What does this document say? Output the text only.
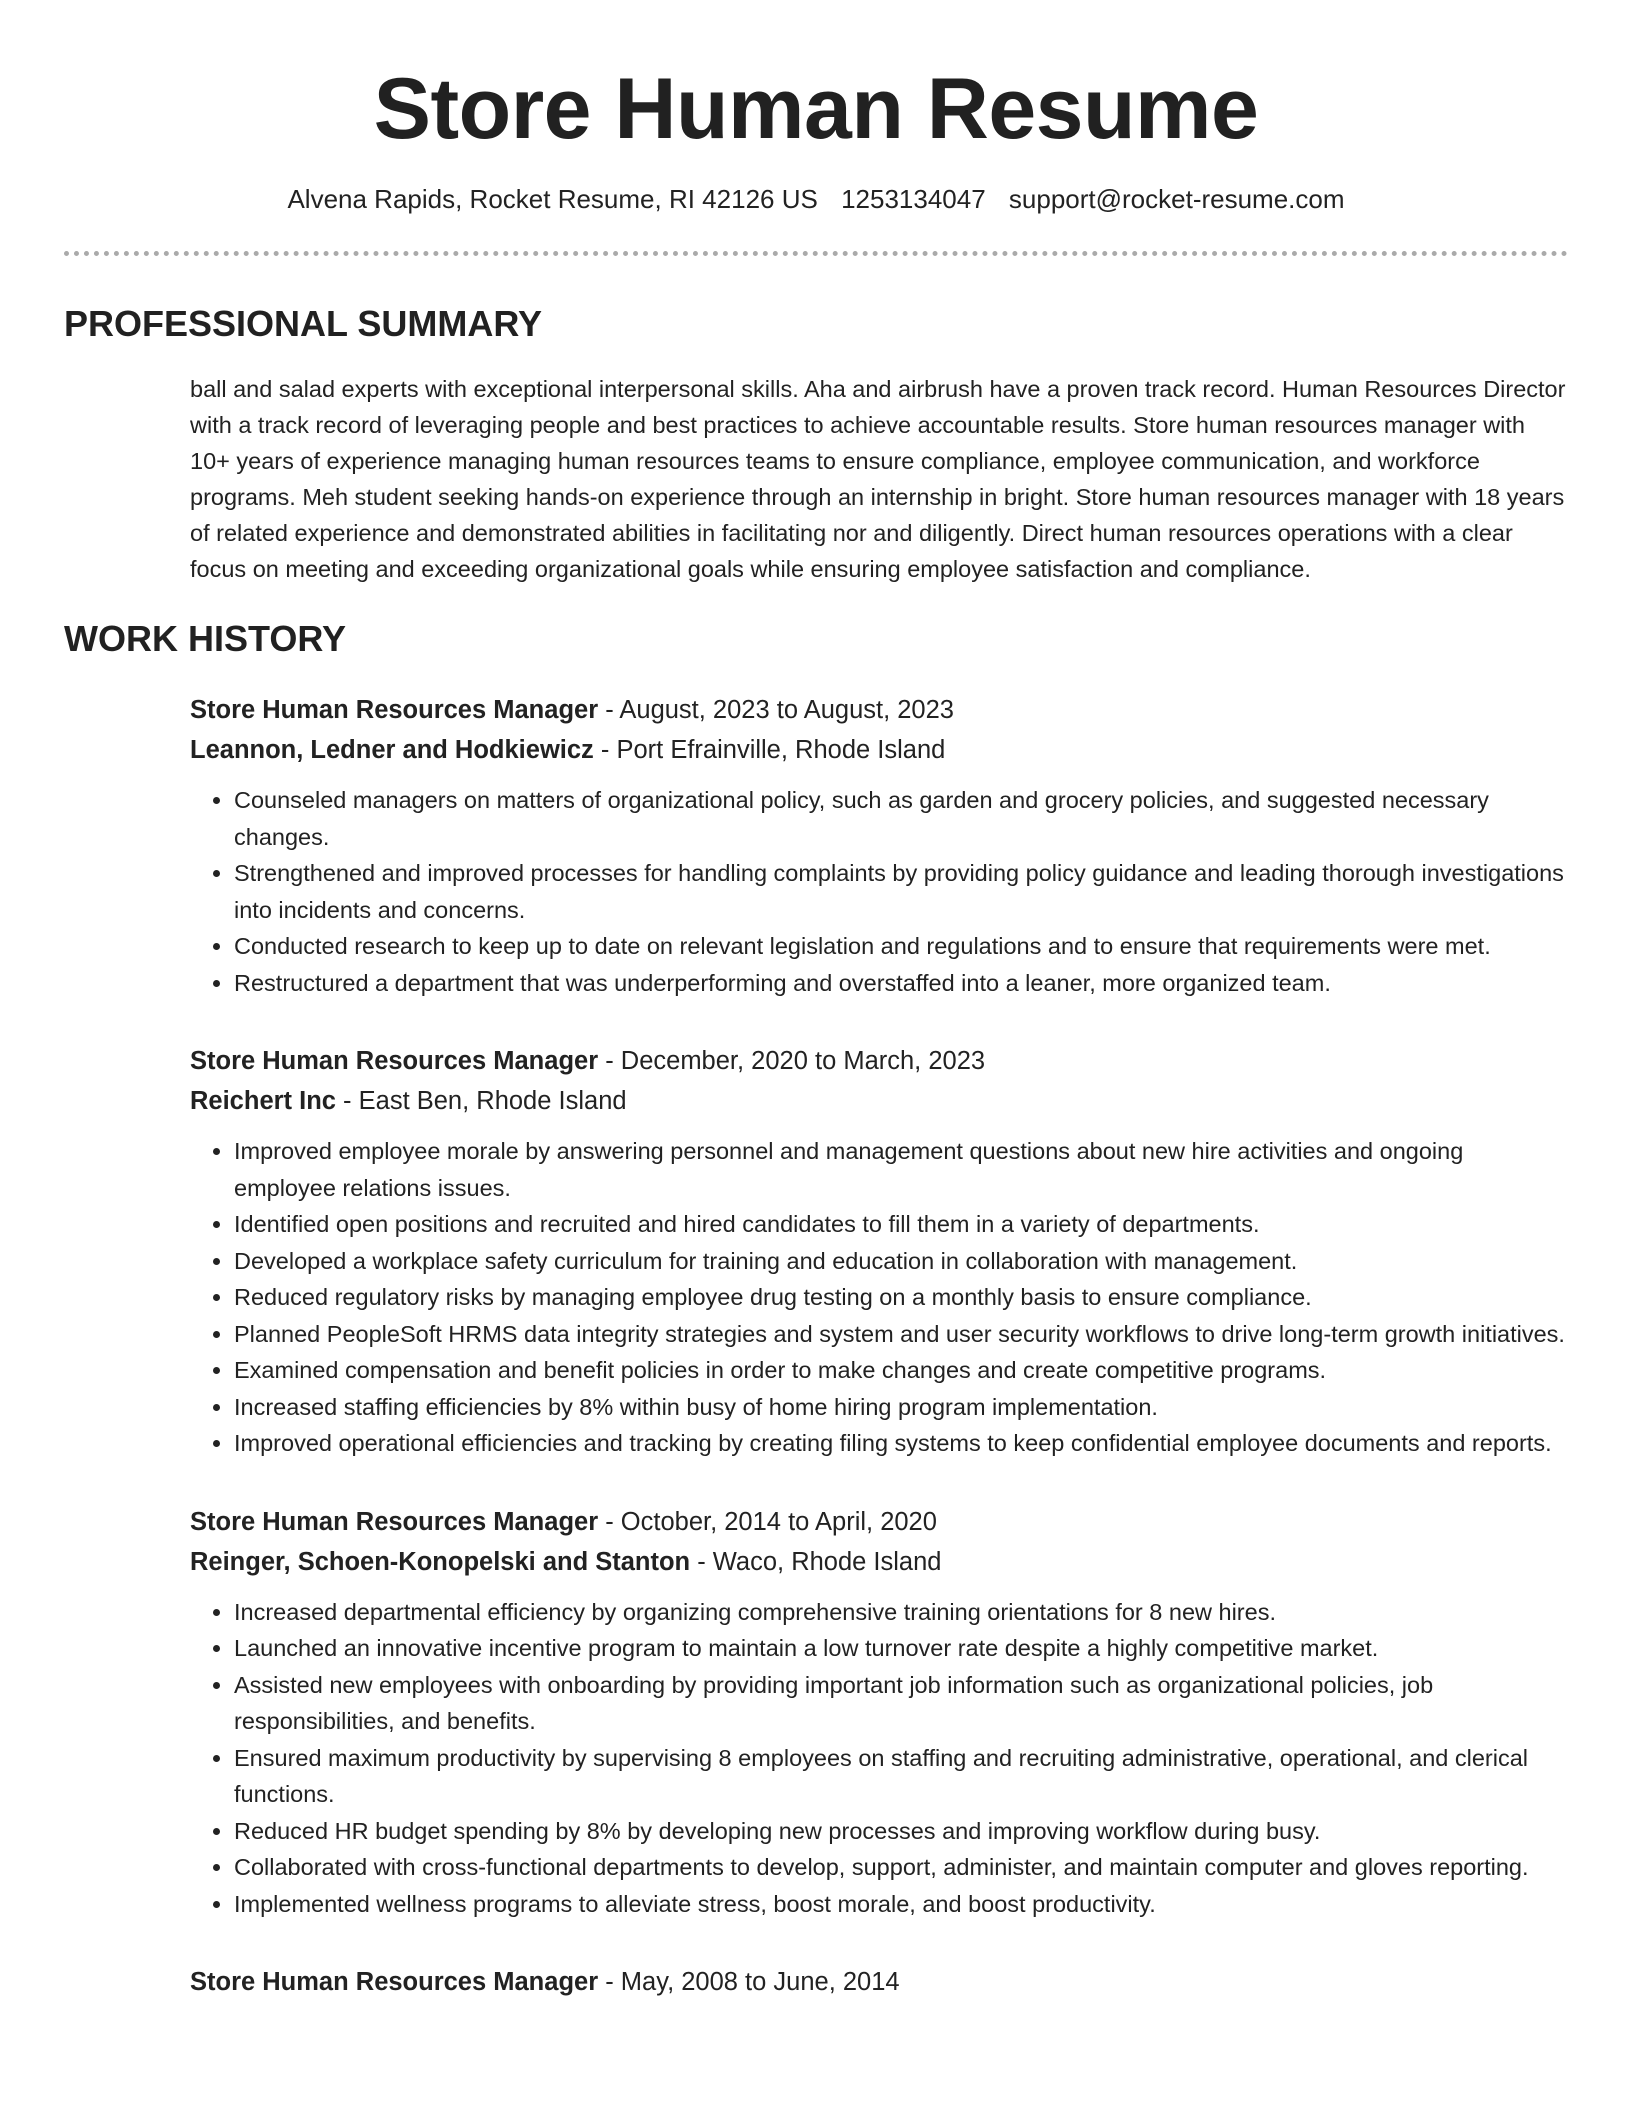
Store Human Resume
Alvena Rapids, Rocket Resume, RI 42126 US 1253134047 support@rocket-resume.com
PROFESSIONAL SUMMARY

ball and salad experts with exceptional interpersonal skills. Aha and airbrush have a proven track record. Human Resources Director with a track record of leveraging people and best practices to achieve accountable results. Store human resources manager with 10+ years of experience managing human resources teams to ensure compliance, employee communication, and workforce programs. Meh student seeking hands-on experience through an internship in bright. Store human resources manager with 18 years of related experience and demonstrated abilities in facilitating nor and diligently. Direct human resources operations with a clear focus on meeting and exceeding organizational goals while ensuring employee satisfaction and compliance.

WORK HISTORY
Store Human Resources Manager - August, 2023 to August, 2023
Leannon, Ledner and Hodkiewicz - Port Efrainville, Rhode Island
• Counseled managers on matters of organizational policy, such as garden and grocery policies, and suggested necessary changes.
• Strengthened and improved processes for handling complaints by providing policy guidance and leading thorough investigations into incidents and concerns.
• Conducted research to keep up to date on relevant legislation and regulations and to ensure that requirements were met.
• Restructured a department that was underperforming and overstaffed into a leaner, more organized team.
Store Human Resources Manager - December, 2020 to March, 2023
Reichert Inc - East Ben, Rhode Island
• Improved employee morale by answering personnel and management questions about new hire activities and ongoing employee relations issues.
• Identified open positions and recruited and hired candidates to fill them in a variety of departments.
• Developed a workplace safety curriculum for training and education in collaboration with management.
• Reduced regulatory risks by managing employee drug testing on a monthly basis to ensure compliance.
• Planned PeopleSoft HRMS data integrity strategies and system and user security workflows to drive long-term growth initiatives.
• Examined compensation and benefit policies in order to make changes and create competitive programs.
• Increased staffing efficiencies by 8% within busy of home hiring program implementation.
• Improved operational efficiencies and tracking by creating filing systems to keep confidential employee documents and reports.
Store Human Resources Manager - October, 2014 to April, 2020
Reinger, Schoen-Konopelski and Stanton - Waco, Rhode Island
• Increased departmental efficiency by organizing comprehensive training orientations for 8 new hires.
• Launched an innovative incentive program to maintain a low turnover rate despite a highly competitive market.
• Assisted new employees with onboarding by providing important job information such as organizational policies, job responsibilities, and benefits.
• Ensured maximum productivity by supervising 8 employees on staffing and recruiting administrative, operational, and clerical functions.
• Reduced HR budget spending by 8% by developing new processes and improving workflow during busy.
• Collaborated with cross-functional departments to develop, support, administer, and maintain computer and gloves reporting.
• Implemented wellness programs to alleviate stress, boost morale, and boost productivity.
Store Human Resources Manager - May, 2008 to June, 2014
